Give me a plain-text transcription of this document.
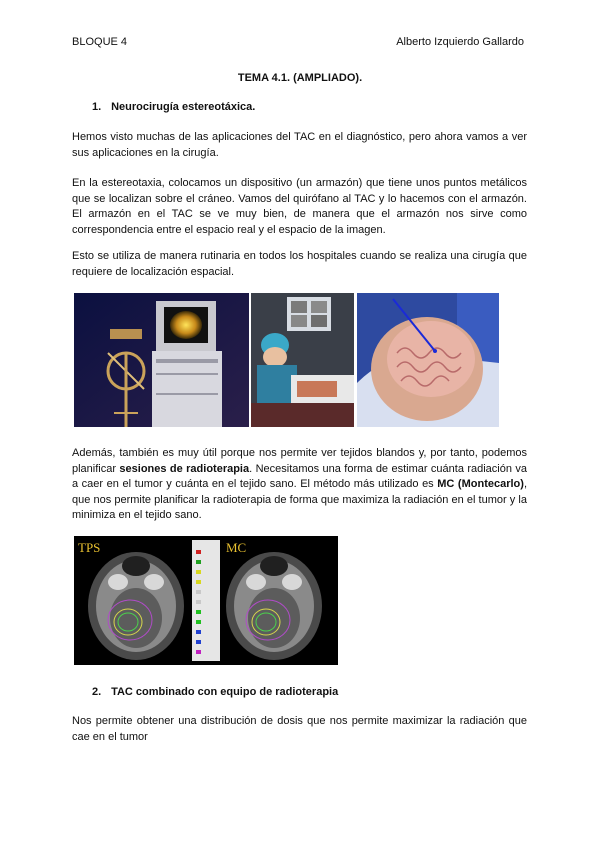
BLOQUE 4	Alberto Izquierdo Gallardo
TEMA 4.1. (AMPLIADO).
1. Neurocirugía estereotáxica.
Hemos visto muchas de las aplicaciones del TAC en el diagnóstico, pero ahora vamos a ver sus aplicaciones en la cirugía.
En la estereotaxia, colocamos un dispositivo (un armazón) que tiene unos puntos metálicos que se localizan sobre el cráneo. Vamos del quirófano al TAC y lo hacemos con el armazón. El armazón en el TAC se ve muy bien, de manera que el armazón nos sirve como correspondencia entre el espacio real y el espacio de la imagen.
Esto se utiliza de manera rutinaria en todos los hospitales cuando se realiza una cirugía que requiere de localización espacial.
Además, también es muy útil porque nos permite ver tejidos blandos y, por tanto, podemos planificar sesiones de radioterapia. Necesitamos una forma de estimar cuánta radiación va a caer en el tumor y cuánta en el tejido sano. El método más utilizado es MC (Montecarlo), que nos permite planificar la radioterapia de forma que maximiza la radiación en el tumor y la minimiza en el tejido sano.
TPS	MC
2. TAC combinado con equipo de radioterapia
Nos permite obtener una distribución de dosis que nos permite maximizar la radiación que cae en el tumor
